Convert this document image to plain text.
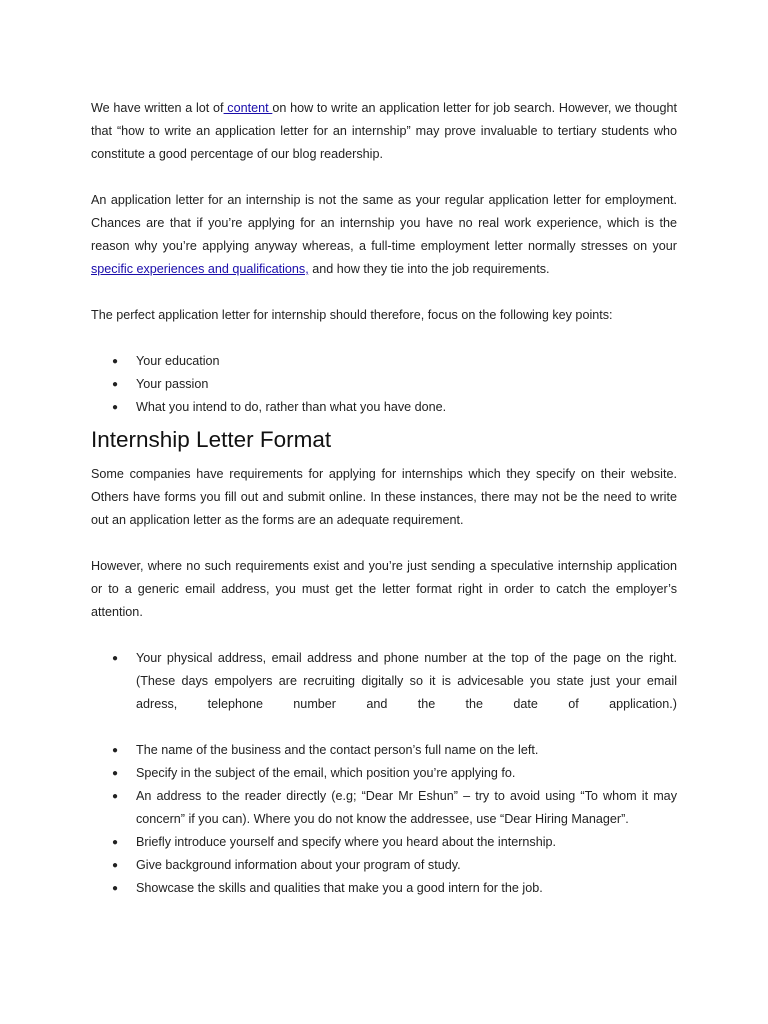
We have written a lot of content on how to write an application letter for job search. However, we thought that “how to write an application letter for an internship” may prove invaluable to tertiary students who constitute a good percentage of our blog readership.

An application letter for an internship is not the same as your regular application letter for employment. Chances are that if you’re applying for an internship you have no real work experience, which is the reason why you’re applying anyway whereas, a full-time employment letter normally stresses on your specific experiences and qualifications, and how they tie into the job requirements.

The perfect application letter for internship should therefore, focus on the following key points:

● Your education
● Your passion
● What you intend to do, rather than what you have done.
Internship Letter Format

Some companies have requirements for applying for internships which they specify on their website. Others have forms you fill out and submit online. In these instances, there may not be the need to write out an application letter as the forms are an adequate requirement.

However, where no such requirements exist and you’re just sending a speculative internship application or to a generic email address, you must get the letter format right in order to catch the employer’s attention.

● Your physical address, email address and phone number at the top of the page on the right. (These days empolyers are recruiting digitally so it is advicesable you state just your email adress, telephone number and the the date of application.)
● The name of the business and the contact person’s full name on the left.
● Specify in the subject of the email, which position you’re applying fo.
● An address to the reader directly (e.g; “Dear Mr Eshun” – try to avoid using “To whom it may concern” if you can). Where you do not know the addressee, use “Dear Hiring Manager”.
● Briefly introduce yourself and specify where you heard about the internship.
● Give background information about your program of study.
● Showcase the skills and qualities that make you a good intern for the job.
